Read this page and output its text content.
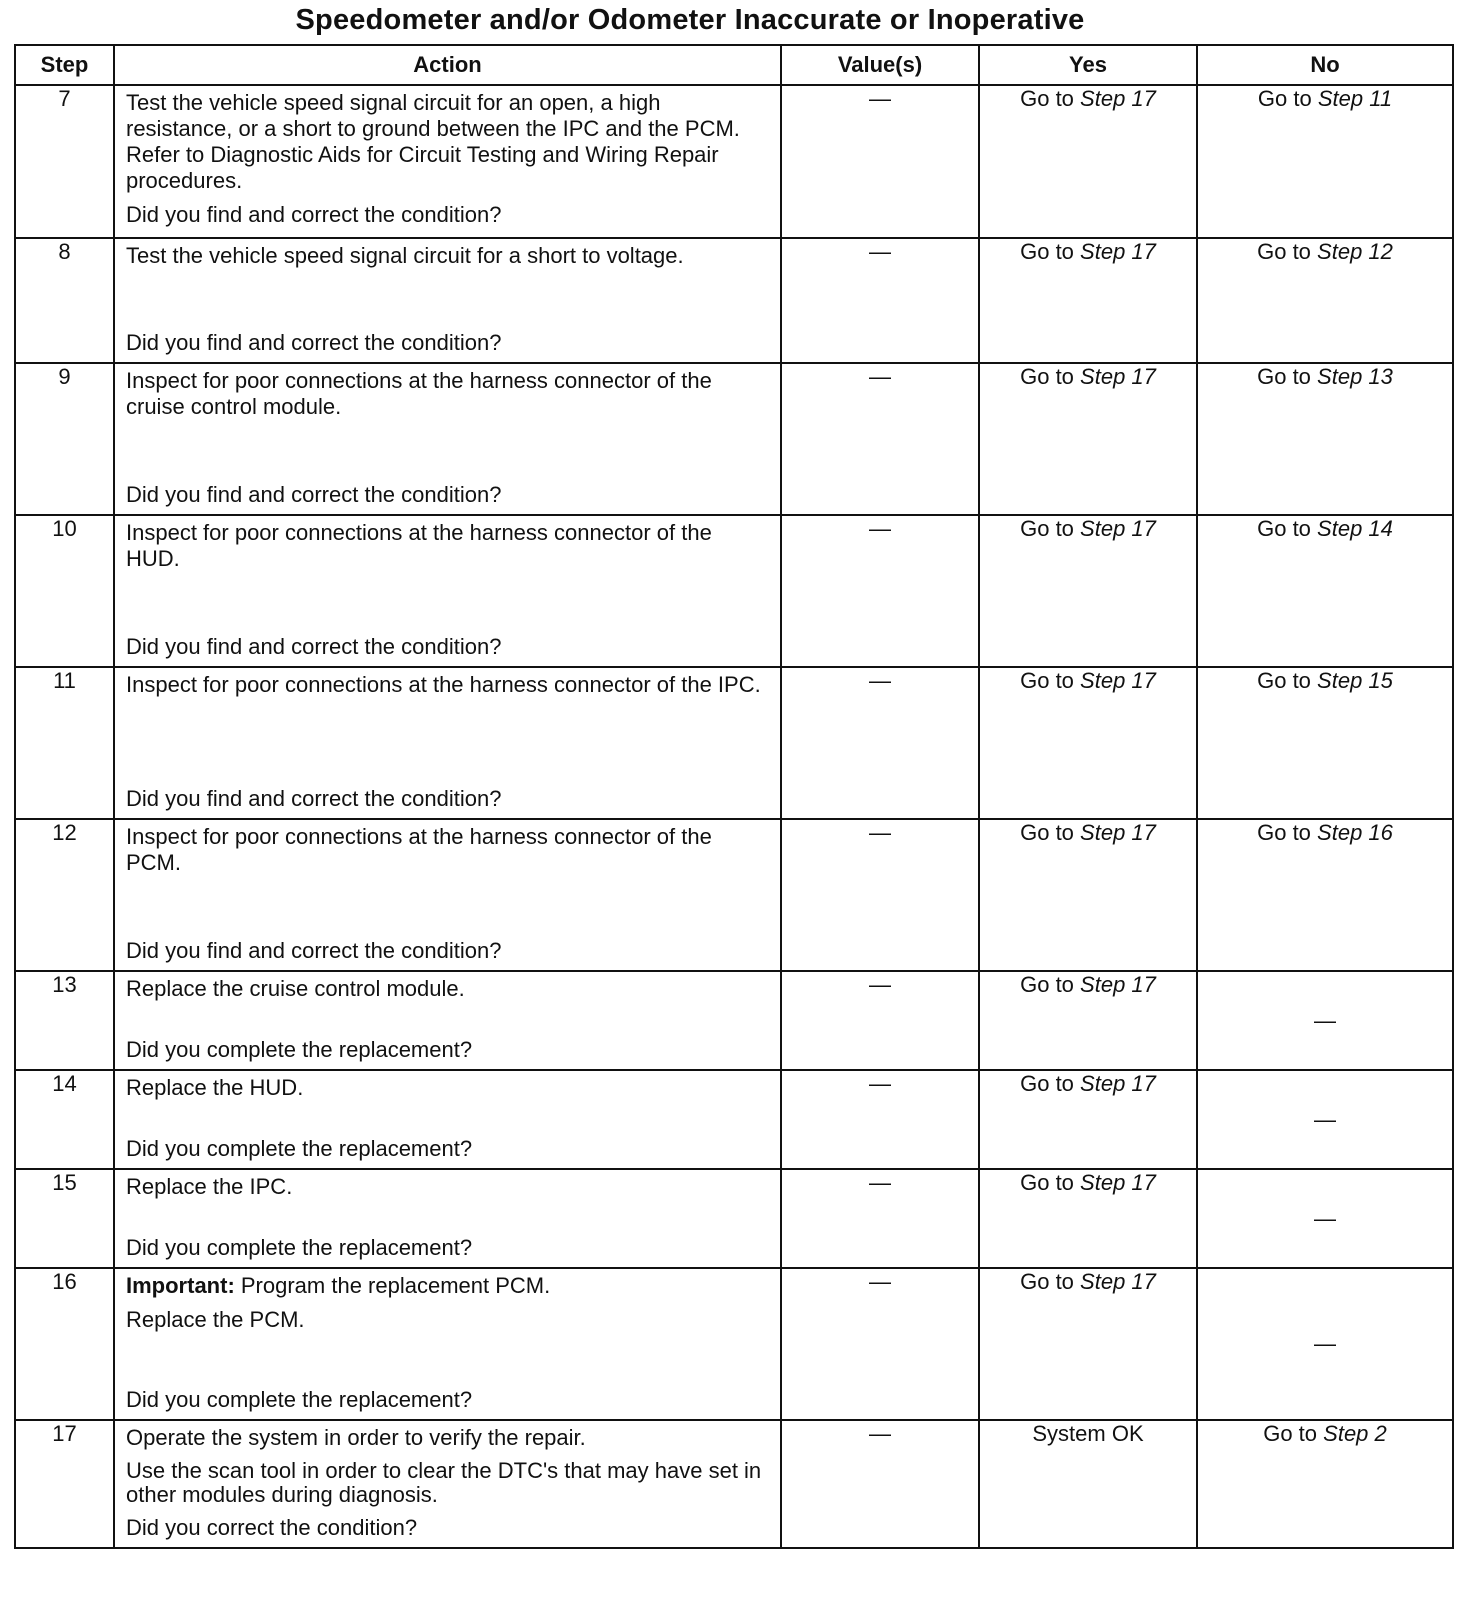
Speedometer and/or Odometer Inaccurate or Inoperative
Step	Action	Value(s)	Yes	No
7	Test the vehicle speed signal circuit for an open, a high resistance, or a short to ground between the IPC and the PCM. Refer to Diagnostic Aids for Circuit Testing and Wiring Repair procedures.
Did you find and correct the condition?	—	Go to Step 17	Go to Step 11
8	Test the vehicle speed signal circuit for a short to voltage.
Did you find and correct the condition?	—	Go to Step 17	Go to Step 12
9	Inspect for poor connections at the harness connector of the cruise control module.
Did you find and correct the condition?	—	Go to Step 17	Go to Step 13
10	Inspect for poor connections at the harness connector of the HUD.
Did you find and correct the condition?	—	Go to Step 17	Go to Step 14
11	Inspect for poor connections at the harness connector of the IPC.
Did you find and correct the condition?	—	Go to Step 17	Go to Step 15
12	Inspect for poor connections at the harness connector of the PCM.
Did you find and correct the condition?	—	Go to Step 17	Go to Step 16
13	Replace the cruise control module.
Did you complete the replacement?	—	Go to Step 17	—
14	Replace the HUD.
Did you complete the replacement?	—	Go to Step 17	—
15	Replace the IPC.
Did you complete the replacement?	—	Go to Step 17	—
16	Important: Program the replacement PCM.
Replace the PCM.
Did you complete the replacement?	—	Go to Step 17	—
17	Operate the system in order to verify the repair.
Use the scan tool in order to clear the DTC's that may have set in other modules during diagnosis.
Did you correct the condition?	—	System OK	Go to Step 2
